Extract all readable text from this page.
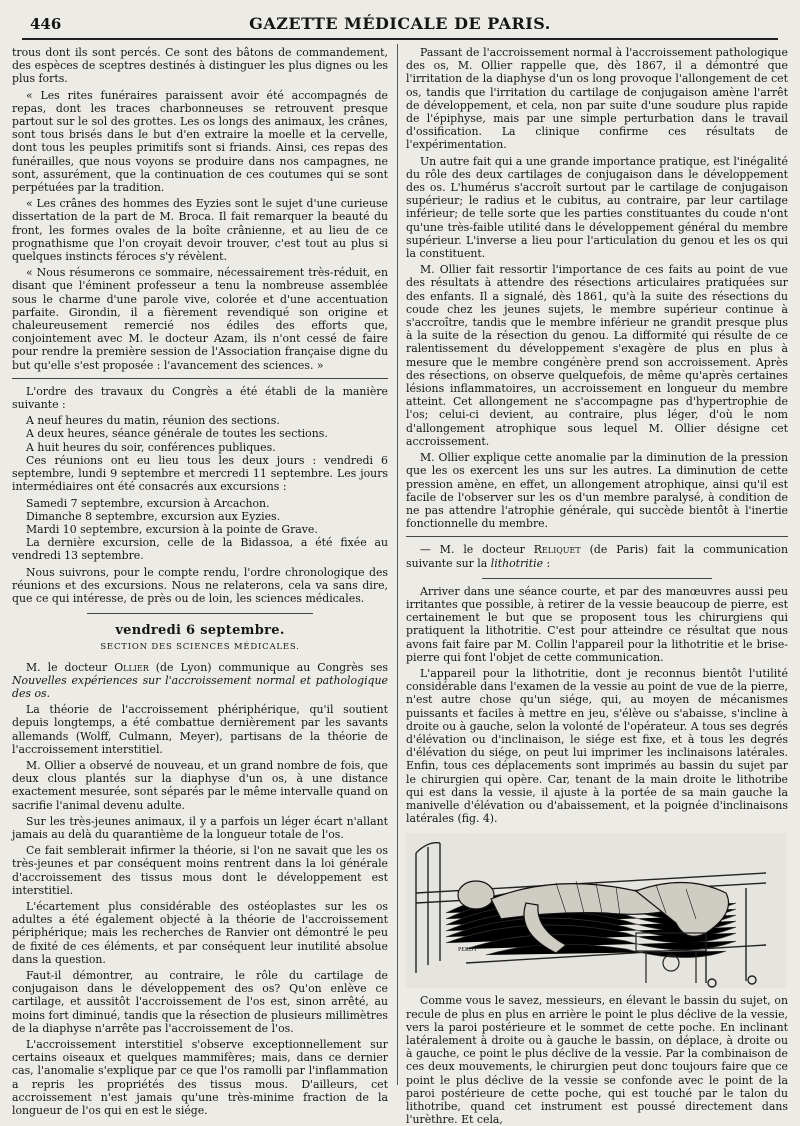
446	GAZETTE MÉDICALE DE PARIS.

trous dont ils sont percés. Ce sont des bâtons de commandement, des espèces de sceptres destinés à distinguer les plus dignes ou les plus forts.

« Les rites funéraires paraissent avoir été accompagnés de repas, dont les traces charbonneuses se retrouvent presque partout sur le sol des grottes. Les os longs des animaux, les crânes, sont tous brisés dans le but d'en extraire la moelle et la cervelle, dont tous les peuples primitifs sont si friands. Ainsi, ces repas des funérailles, que nous voyons se produire dans nos campagnes, ne sont, assurément, que la continuation de ces coutumes qui se sont perpétuées par la tradition.

« Les crânes des hommes des Eyzies sont le sujet d'une curieuse dissertation de la part de M. Broca. Il fait remarquer la beauté du front, les formes ovales de la boîte crânienne, et au lieu de ce prognathisme que l'on croyait devoir trouver, c'est tout au plus si quelques instincts féroces s'y révèlent.

« Nous résumerons ce sommaire, nécessairement très-réduit, en disant que l'éminent professeur a tenu la nombreuse assemblée sous le charme d'une parole vive, colorée et d'une accentuation parfaite. Girondin, il a fièrement revendiqué son origine et chaleureusement remercié nos édiles des efforts que, conjointement avec M. le docteur Azam, ils n'ont cessé de faire pour rendre la première session de l'Association française digne du but qu'elle s'est proposée : l'avancement des sciences. »

L'ordre des travaux du Congrès a été établi de la manière suivante :

A neuf heures du matin, réunion des sections.

A deux heures, séance générale de toutes les sections.

A huit heures du soir, conférences publiques.

Ces réunions ont eu lieu tous les deux jours : vendredi 6 septembre, lundi 9 septembre et mercredi 11 septembre. Les jours intermédiaires ont été consacrés aux excursions :

Samedi 7 septembre, excursion à Arcachon.

Dimanche 8 septembre, excursion aux Eyzies.

Mardi 10 septembre, excursion à la pointe de Grave.

La dernière excursion, celle de la Bidassoa, a été fixée au vendredi 13 septembre.

Nous suivrons, pour le compte rendu, l'ordre chronologique des réunions et des excursions. Nous ne relaterons, cela va sans dire, que ce qui intéresse, de près ou de loin, les sciences médicales.

vendredi 6 septembre.
SECTION DES SCIENCES MÉDICALES.

M. le docteur Ollier (de Lyon) communique au Congrès ses Nouvelles expériences sur l'accroissement normal et pathologique des os.

La théorie de l'accroissement phériphérique, qu'il soutient depuis longtemps, a été combattue dernièrement par les savants allemands (Wolff, Culmann, Meyer), partisans de la théorie de l'accroissement interstitiel.

M. Ollier a observé de nouveau, et un grand nombre de fois, que deux clous plantés sur la diaphyse d'un os, à une distance exactement mesurée, sont séparés par le même intervalle quand on sacrifie l'animal devenu adulte.

Sur les très-jeunes animaux, il y a parfois un léger écart n'allant jamais au delà du quarantième de la longueur totale de l'os.

Ce fait semblerait infirmer la théorie, si l'on ne savait que les os très-jeunes et par conséquent moins rentrent dans la loi générale d'accroissement des tissus mous dont le développement est interstitiel.

L'écartement plus considérable des ostéoplastes sur les os adultes a été également objecté à la théorie de l'accroissement périphérique; mais les recherches de Ranvier ont démontré le peu de fixité de ces éléments, et par conséquent leur inutilité absolue dans la question.

Faut-il démontrer, au contraire, le rôle du cartilage de conjugaison dans le développement des os? Qu'on enlève ce cartilage, et aussitôt l'accroissement de l'os est, sinon arrêté, au moins fort diminué, tandis que la résection de plusieurs millimètres de la diaphyse n'arrête pas l'accroissement de l'os.

L'accroissement interstitiel s'observe exceptionnellement sur certains oiseaux et quelques mammifères; mais, dans ce dernier cas, l'anomalie s'explique par ce que l'os ramolli par l'inflammation a repris les propriétés des tissus mous. D'ailleurs, cet accroissement n'est jamais qu'une très-minime fraction de la longueur de l'os qui en est le siége.

Passant de l'accroissement normal à l'accroissement pathologique des os, M. Ollier rappelle que, dès 1867, il a démontré que l'irritation de la diaphyse d'un os long provoque l'allongement de cet os, tandis que l'irritation du cartilage de conjugaison amène l'arrêt de développement, et cela, non par suite d'une soudure plus rapide de l'épiphyse, mais par une simple perturbation dans le travail d'ossification. La clinique confirme ces résultats de l'expérimentation.

Un autre fait qui a une grande importance pratique, est l'inégalité du rôle des deux cartilages de conjugaison dans le développement des os. L'humérus s'accroît surtout par le cartilage de conjugaison supérieur; le radius et le cubitus, au contraire, par leur cartilage inférieur; de telle sorte que les parties constituantes du coude n'ont qu'une très-faible utilité dans le développement général du membre supérieur. L'inverse a lieu pour l'articulation du genou et les os qui la constituent.

M. Ollier fait ressortir l'importance de ces faits au point de vue des résultats à attendre des résections articulaires pratiquées sur des enfants. Il a signalé, dès 1861, qu'à la suite des résections du coude chez les jeunes sujets, le membre supérieur continue à s'accroître, tandis que le membre inférieur ne grandit presque plus à la suite de la résection du genou. La difformité qui résulte de ce ralentissement du développement s'exagère de plus en plus à mesure que le membre congénère prend son accroissement. Après des résections, on observe quelquefois, de même qu'après certaines lésions inflammatoires, un accroissement en longueur du membre atteint. Cet allongement ne s'accompagne pas d'hypertrophie de l'os; celui-ci devient, au contraire, plus léger, d'où le nom d'allongement atrophique sous lequel M. Ollier désigne cet accroissement.

M. Ollier explique cette anomalie par la diminution de la pression que les os exercent les uns sur les autres. La diminution de cette pression amène, en effet, un allongement atrophique, ainsi qu'il est facile de l'observer sur les os d'un membre paralysé, à condition de ne pas attendre l'atrophie générale, qui succède bientôt à l'inertie fonctionnelle du membre.

— M. le docteur Reliquet (de Paris) fait la communication suivante sur la lithotritie :

Arriver dans une séance courte, et par des manœuvres aussi peu irritantes que possible, à retirer de la vessie beaucoup de pierre, est certainement le but que se proposent tous les chirurgiens qui pratiquent la lithotritie. C'est pour atteindre ce résultat que nous avons fait faire par M. Collin l'appareil pour la lithotritie et le brise-pierre qui font l'objet de cette communication.

L'appareil pour la lithotritie, dont je reconnus bientôt l'utilité considérable dans l'examen de la vessie au point de vue de la pierre, n'est autre chose qu'un siége, qui, au moyen de mécanismes puissants et faciles à mettre en jeu, s'élève ou s'abaisse, s'incline à droite ou à gauche, selon la volonté de l'opérateur. A tous ses degrés d'élévation ou d'inclinaison, le siége est fixe, et à tous les degrés d'élévation du siége, on peut lui imprimer les inclinaisons latérales. Enfin, tous ces déplacements sont imprimés au bassin du sujet par le chirurgien qui opère. Car, tenant de la main droite le lithotribe qui est dans la vessie, il ajuste à la portée de sa main gauche la manivelle d'élévation ou d'abaissement, et la poignée d'inclinaisons latérales (fig. 4).

PERDT

Comme vous le savez, messieurs, en élevant le bassin du sujet, on recule de plus en plus en arrière le point le plus déclive de la vessie, vers la paroi postérieure et le sommet de cette poche. En inclinant latéralement à droite ou à gauche le bassin, on déplace, à droite ou à gauche, ce point le plus déclive de la vessie. Par la combinaison de ces deux mouvements, le chirurgien peut donc toujours faire que ce point le plus déclive de la vessie se confonde avec le point de la paroi postérieure de cette poche, qui est touché par le talon du lithotribe, quand cet instrument est poussé directement dans l'urèthre. Et cela,
